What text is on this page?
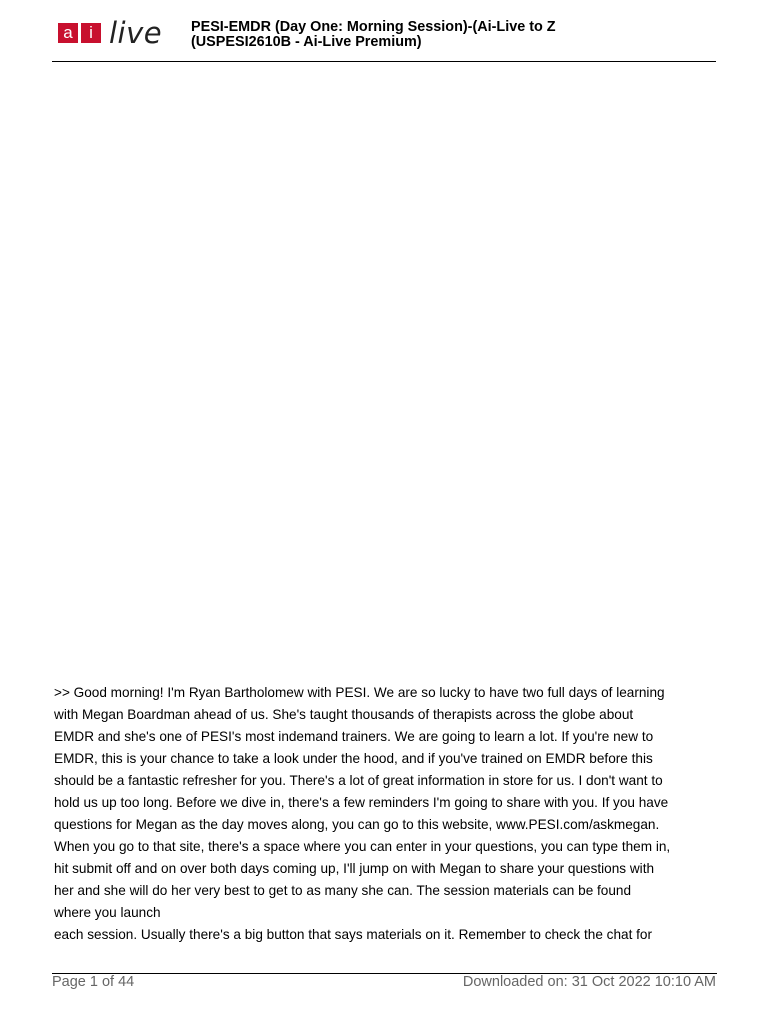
a i live PESI-EMDR (Day One: Morning Session)-(Ai-Live to Z
(USPESI2610B - Ai-Live Premium)
>> Good morning! I'm Ryan Bartholomew with PESI. We are so lucky to have two full days of learning
with Megan Boardman ahead of us. She's taught thousands of therapists across the globe about
EMDR and she's one of PESI's most indemand trainers. We are going to learn a lot. If you're new to
EMDR, this is your chance to take a look under the hood, and if you've trained on EMDR before this
should be a fantastic refresher for you. There's a lot of great information in store for us. I don't want to
hold us up too long. Before we dive in, there's a few reminders I'm going to share with you. If you have
questions for Megan as the day moves along, you can go to this website, www.PESI.com/askmegan.
When you go to that site, there's a space where you can enter in your questions, you can type them in,
hit submit off and on over both days coming up, I'll jump on with Megan to share your questions with
her and she will do her very best to get to as many she can. The session materials can be found
where you launch
each session. Usually there's a big button that says materials on it. Remember to check the chat for
Page 1 of 44	Downloaded on: 31 Oct 2022 10:10 AM
